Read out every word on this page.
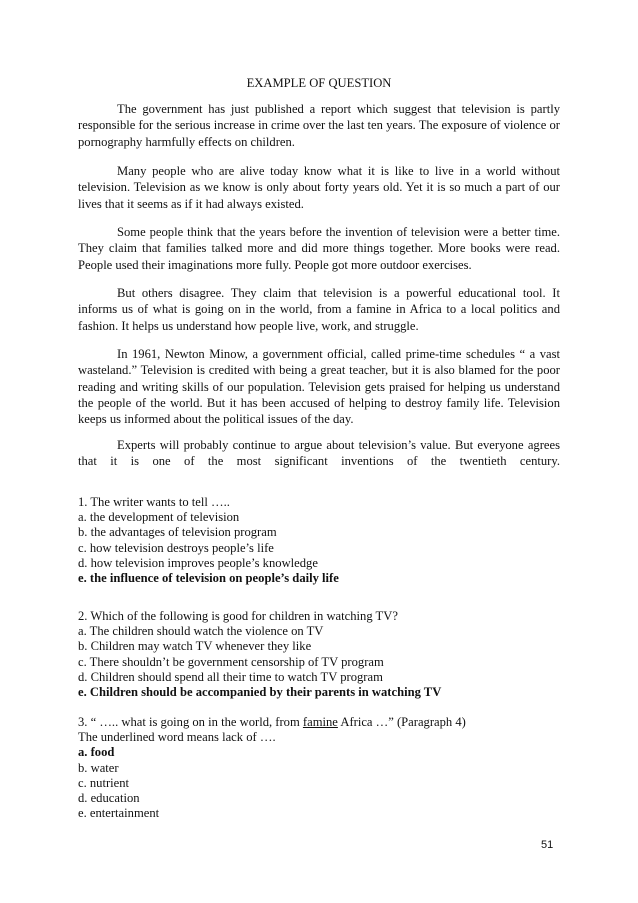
EXAMPLE OF QUESTION
The government has just published a report which suggest that television is partly responsible for the serious increase in crime over the last ten years. The exposure of violence or pornography harmfully effects on children.
Many people who are alive today know what it is like to live in a world without television. Television as we know is only about forty years old. Yet it is so much a part of our lives that it seems as if it had always existed.
Some people think that the years before the invention of television were a better time. They claim that families talked more and did more things together. More books were read. People used their imaginations more fully. People got more outdoor exercises.
But others disagree. They claim that television is a powerful educational tool. It informs us of what is going on in the world, from a famine in Africa to a local politics and fashion. It helps us understand how people live, work, and struggle.
In 1961, Newton Minow, a government official, called prime-time schedules “ a vast wasteland.” Television is credited with being a great teacher, but it is also blamed for the poor reading and writing skills of our population. Television gets praised for helping us understand the people of the world. But it has been accused of helping to destroy family life. Television keeps us informed about the political issues of the day.
Experts will probably continue to argue about television’s value. But everyone agrees that it is one of the most significant inventions of the twentieth century.
1. The writer wants to tell …..
a. the development of television
b. the advantages of television program
c. how television destroys people’s life
d. how television improves people’s knowledge
e. the influence of television on people’s daily life
2. Which of the following is good for children in watching TV?
a. The children should watch the violence on TV
b. Children may watch TV whenever they like
c. There shouldn’t be government censorship of TV program
d. Children should spend all their time to watch TV program
e. Children should be accompanied by their parents in watching TV
3. “ ….. what is going on in the world, from famine Africa …” (Paragraph 4)
The underlined word means lack of ….
a. food
b. water
c. nutrient
d. education
e. entertainment
51
